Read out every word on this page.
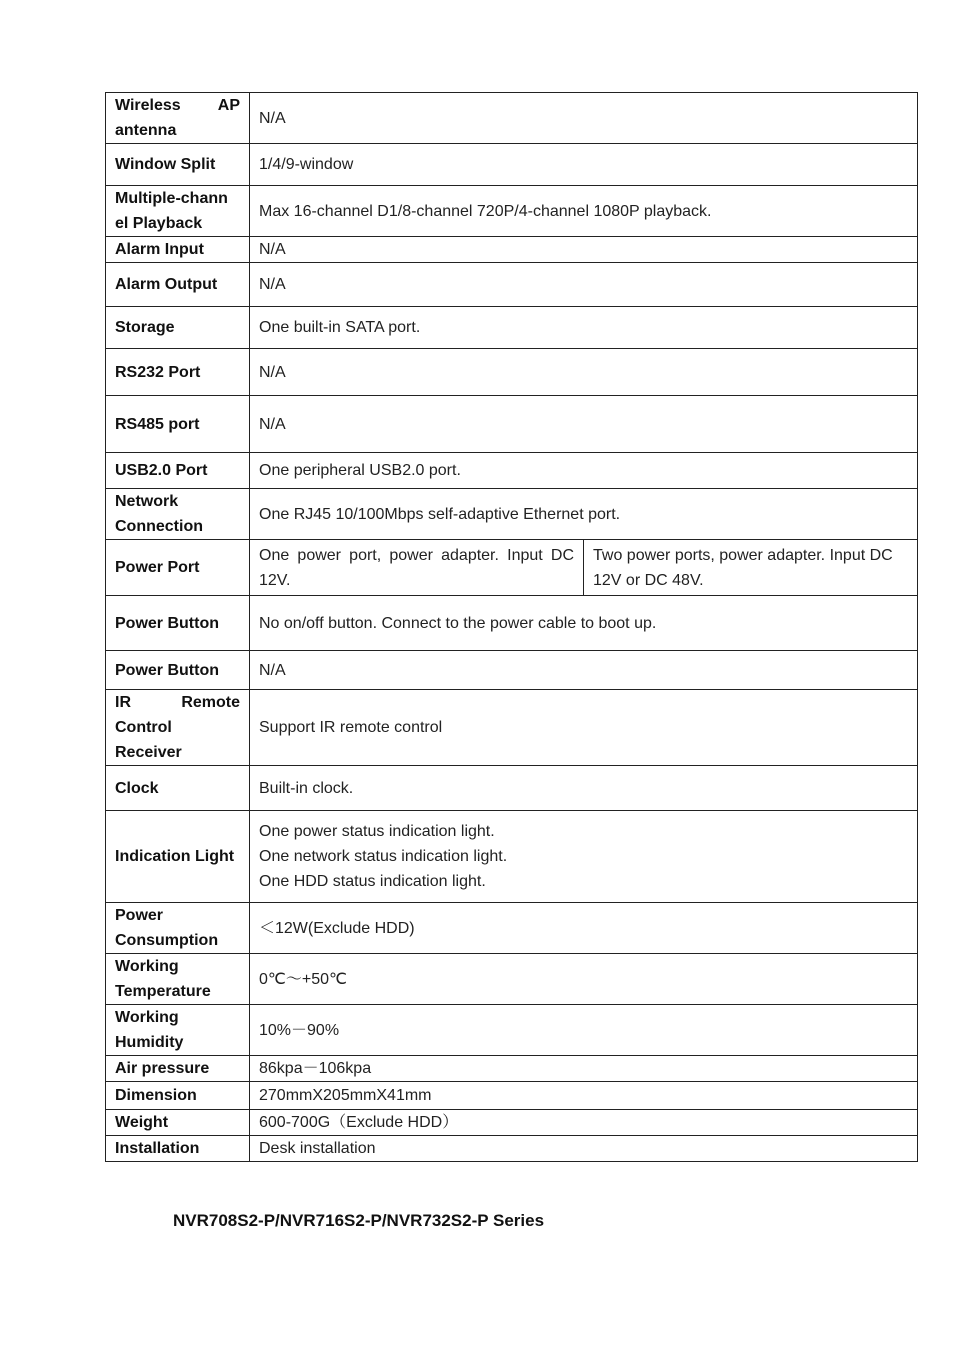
Wireless AP antenna	N/A	
Window Split	1/4/9-window	

Multiple-chann
el Playback	Max 16-channel D1/8-channel 720P/4-channel 1080P playback.	
Alarm Input	N/A	
Alarm Output	N/A	
Storage	One built-in SATA port.	
RS232 Port	N/A	
RS485 port	N/A	
USB2.0 Port	One peripheral USB2.0 port.	
Network Connection	One RJ45 10/100Mbps self-adaptive Ethernet port.	
Power Port	One power port, power adapter. Input DC 12V.	Two power ports, power adapter. Input DC 12V or DC 48V.
Power Button	No on/off button. Connect to the power cable to boot up.	
Power Button	N/A	
IR Remote Control Receiver	Support IR remote control	
Clock	Built-in clock.	
Indication Light	One power status indication light.
One network status indication light.
One HDD status indication light.	

Power Consumption	＜12W(Exclude HDD)	
Working Temperature	0℃～+50℃	
Working Humidity	10%－90%	
Air pressure	86kpa－106kpa	
Dimension	270mmX205mmX41mm	
Weight	600-700G（Exclude HDD）	
Installation	Desk installation	
NVR708S2-P/NVR716S2-P/NVR732S2-P Series
